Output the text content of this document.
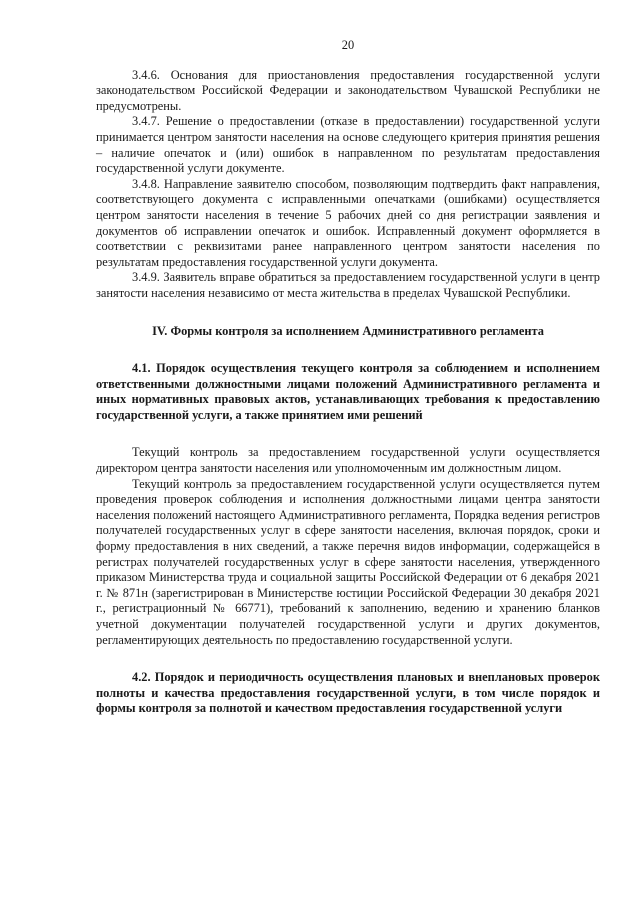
20

3.4.6. Основания для приостановления предоставления государственной услуги законодательством Российской Федерации и законодательством Чувашской Республики не предусмотрены.

3.4.7. Решение о предоставлении (отказе в предоставлении) государственной услуги принимается центром занятости населения на основе следующего критерия принятия решения – наличие опечаток и (или) ошибок в направленном по результатам предоставления государственной услуги документе.

3.4.8. Направление заявителю способом, позволяющим подтвердить факт направления, соответствующего документа с исправленными опечатками (ошибками) осуществляется центром занятости населения в течение 5 рабочих дней со дня регистрации заявления и документов об исправлении опечаток и ошибок. Исправленный документ оформляется в соответствии с реквизитами ранее направленного центром занятости населения по результатам предоставления государственной услуги документа.

3.4.9. Заявитель вправе обратиться за предоставлением государственной услуги в центр занятости населения независимо от места жительства в пределах Чувашской Республики.

IV. Формы контроля за исполнением Административного регламента

4.1. Порядок осуществления текущего контроля за соблюдением и исполнением ответственными должностными лицами положений Административного регламента и иных нормативных правовых актов, устанавливающих требования к предоставлению государственной услуги, а также принятием ими решений

Текущий контроль за предоставлением государственной услуги осуществляется директором центра занятости населения или уполномоченным им должностным лицом.

Текущий контроль за предоставлением государственной услуги осуществляется путем проведения проверок соблюдения и исполнения должностными лицами центра занятости населения положений настоящего Административного регламента, Порядка ведения регистров получателей государственных услуг в сфере занятости населения, включая порядок, сроки и форму предоставления в них сведений, а также перечня видов информации, содержащейся в регистрах получателей государственных услуг в сфере занятости населения, утвержденного приказом Министерства труда и социальной защиты Российской Федерации от 6 декабря 2021 г. № 871н (зарегистрирован в Министерстве юстиции Российской Федерации 30 декабря 2021 г., регистрационный № 66771), требований к заполнению, ведению и хранению бланков учетной документации получателей государственной услуги и других документов, регламентирующих деятельность по предоставлению государственной услуги.

4.2. Порядок и периодичность осуществления плановых и внеплановых проверок полноты и качества предоставления государственной услуги, в том числе порядок и формы контроля за полнотой и качеством предоставления государственной услуги
